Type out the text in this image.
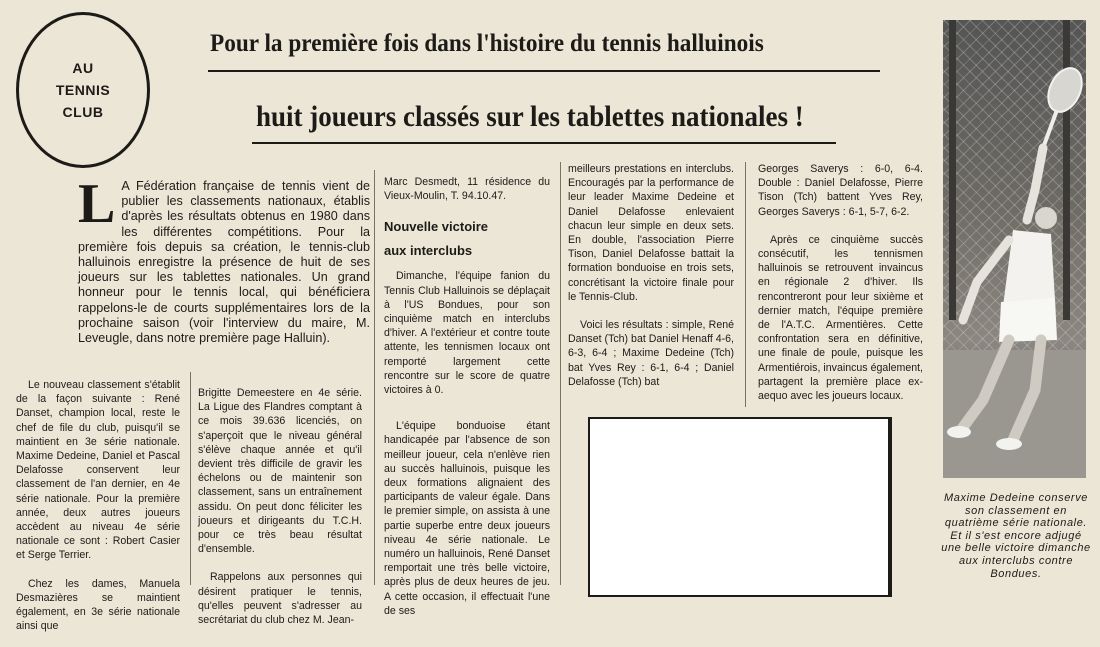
AU
TENNIS
CLUB
Pour la première fois dans l'histoire du tennis halluinois
huit joueurs classés sur les tablettes nationales !
L A Fédération française de tennis vient de publier les classements nationaux, établis d'après les résultats obtenus en 1980 dans les différentes compétitions. Pour la première fois depuis sa création, le tennis-club halluinois enregistre la présence de huit de ses joueurs sur les tablettes nationales. Un grand honneur pour le tennis local, qui bénéficiera rappelons-le de courts supplémentaires lors de la prochaine saison (voir l'interview du maire, M. Leveugle, dans notre première page Halluin).

Le nouveau classement s'établit de la façon suivante : René Danset, champion local, reste le chef de file du club, puisqu'il se maintient en 3e série nationale. Maxime Dedeine, Daniel et Pascal Delafosse conservent leur classement de l'an dernier, en 4e série nationale. Pour la première année, deux autres joueurs accèdent au niveau 4e série nationale ce sont : Robert Casier et Serge Terrier.

Chez les dames, Manuela Desmazières se maintient également, en 3e série nationale ainsi que

Brigitte Demeestere en 4e série. La Ligue des Flandres comptant à ce mois 39.636 licenciés, on s'aperçoit que le niveau général s'élève chaque année et qu'il devient très difficile de gravir les échelons ou de maintenir son classement, sans un entraînement assidu. On peut donc féliciter les joueurs et dirigeants du T.C.H. pour ce très beau résultat d'ensemble.

Rappelons aux personnes qui désirent pratiquer le tennis, qu'elles peuvent s'adresser au secrétariat du club chez M. Jean-

Marc Desmedt, 11 résidence du Vieux-Moulin, T. 94.10.47.

Nouvelle victoire
aux interclubs

Dimanche, l'équipe fanion du Tennis Club Halluinois se déplaçait à l'US Bondues, pour son cinquième match en interclubs d'hiver. A l'extérieur et contre toute attente, les tennismen locaux ont remporté largement cette rencontre sur le score de quatre victoires à 0.

L'équipe bonduoise étant handicapée par l'absence de son meilleur joueur, cela n'enlève rien au succès halluinois, puisque les deux formations alignaient des participants de valeur égale. Dans le premier simple, on assista à une partie superbe entre deux joueurs niveau 4e série nationale. Le numéro un halluinois, René Danset remportait une très belle victoire, après plus de deux heures de jeu. A cette occasion, il effectuait l'une de ses

meilleurs prestations en interclubs. Encouragés par la performance de leur leader Maxime Dedeine et Daniel Delafosse enlevaient chacun leur simple en deux sets. En double, l'association Pierre Tison, Daniel Delafosse battait la formation bonduoise en trois sets, concrétisant la victoire finale pour le Tennis-Club.

Voici les résultats : simple, René Danset (Tch) bat Daniel Henaff 4-6, 6-3, 6-4 ; Maxime Dedeine (Tch) bat Yves Rey : 6-1, 6-4 ; Daniel Delafosse (Tch) bat

Georges Saverys : 6-0, 6-4. Double : Daniel Delafosse, Pierre Tison (Tch) battent Yves Rey, Georges Saverys : 6-1, 5-7, 6-2.

Après ce cinquième succès consécutif, les tennismen halluinois se retrouvent invaincus en régionale 2 d'hiver. Ils rencontreront pour leur sixième et dernier match, l'équipe première de l'A.T.C. Armentières. Cette confrontation sera en définitive, une finale de poule, puisque les Armentiérois, invaincus également, partagent la première place ex-aequo avec les joueurs locaux.

Maxime Dedeine conserve son classement en quatrième série nationale. Et il s'est encore adjugé une belle victoire dimanche aux interclubs contre Bondues.
